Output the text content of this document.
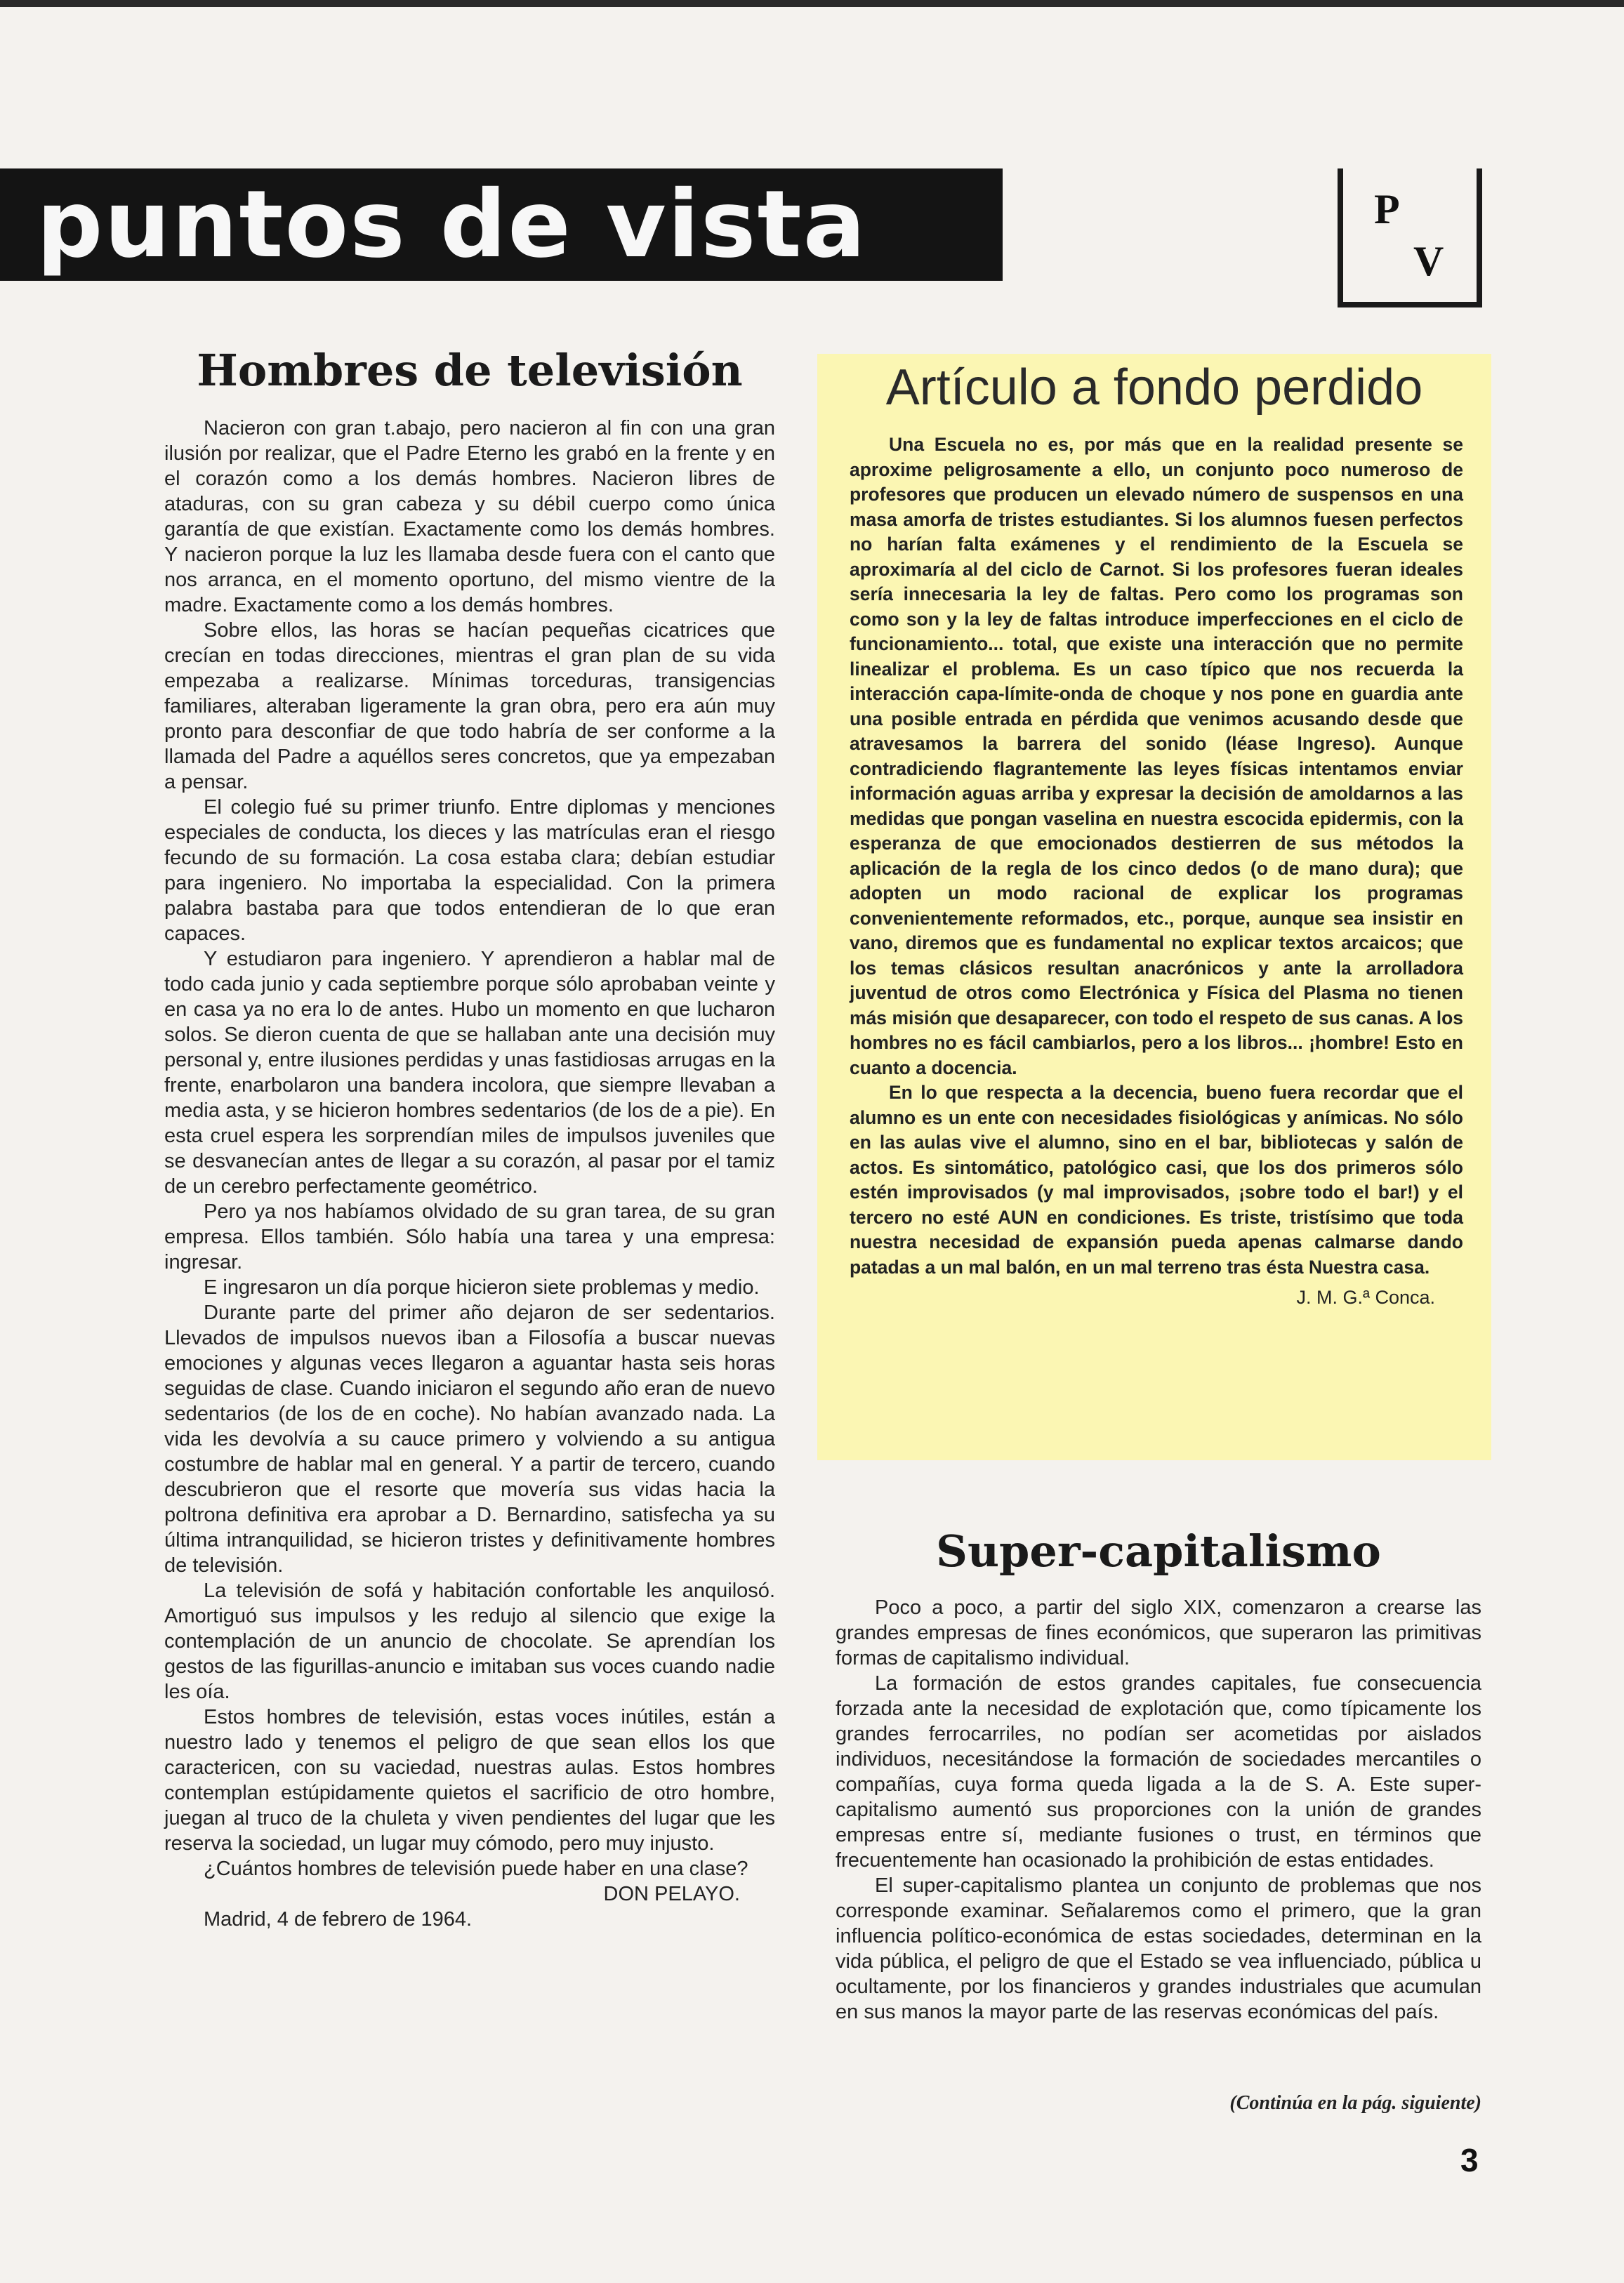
puntos de vista	P
V
Hombres de televisión

Nacieron con gran t.abajo, pero nacieron al fin con una gran ilusión por realizar, que el Padre Eterno les grabó en la frente y en el corazón como a los demás hombres. Nacieron libres de ataduras, con su gran cabeza y su débil cuerpo como única garantía de que existían. Exactamente como los demás hombres. Y nacieron porque la luz les llamaba desde fuera con el canto que nos arranca, en el momento oportuno, del mismo vientre de la madre. Exactamente como a los demás hombres.

Sobre ellos, las horas se hacían pequeñas cicatrices que crecían en todas direcciones, mientras el gran plan de su vida empezaba a realizarse. Mínimas torceduras, transigencias familiares, alteraban ligeramente la gran obra, pero era aún muy pronto para desconfiar de que todo habría de ser conforme a la llamada del Padre a aquéllos seres concretos, que ya empezaban a pensar.

El colegio fué su primer triunfo. Entre diplomas y menciones especiales de conducta, los dieces y las matrículas eran el riesgo fecundo de su formación. La cosa estaba clara; debían estudiar para ingeniero. No importaba la especialidad. Con la primera palabra bastaba para que todos entendieran de lo que eran capaces.

Y estudiaron para ingeniero. Y aprendieron a hablar mal de todo cada junio y cada septiembre porque sólo aprobaban veinte y en casa ya no era lo de antes. Hubo un momento en que lucharon solos. Se dieron cuenta de que se hallaban ante una decisión muy personal y, entre ilusiones perdidas y unas fastidiosas arrugas en la frente, enarbolaron una bandera incolora, que siempre llevaban a media asta, y se hicieron hombres sedentarios (de los de a pie). En esta cruel espera les sorprendían miles de impulsos juveniles que se desvanecían antes de llegar a su corazón, al pasar por el tamiz de un cerebro perfectamente geométrico.

Pero ya nos habíamos olvidado de su gran tarea, de su gran empresa. Ellos también. Sólo había una tarea y una empresa: ingresar.

E ingresaron un día porque hicieron siete problemas y medio.

Durante parte del primer año dejaron de ser sedentarios. Llevados de impulsos nuevos iban a Filosofía a buscar nuevas emociones y algunas veces llegaron a aguantar hasta seis horas seguidas de clase. Cuando iniciaron el segundo año eran de nuevo sedentarios (de los de en coche). No habían avanzado nada. La vida les devolvía a su cauce primero y volviendo a su antigua costumbre de hablar mal en general. Y a partir de tercero, cuando descubrieron que el resorte que movería sus vidas hacia la poltrona definitiva era aprobar a D. Bernardino, satisfecha ya su última intranquilidad, se hicieron tristes y definitivamente hombres de televisión.

La televisión de sofá y habitación confortable les anquilosó. Amortiguó sus impulsos y les redujo al silencio que exige la contemplación de un anuncio de chocolate. Se aprendían los gestos de las figurillas-anuncio e imitaban sus voces cuando nadie les oía.

Estos hombres de televisión, estas voces inútiles, están a nuestro lado y tenemos el peligro de que sean ellos los que caractericen, con su vaciedad, nuestras aulas. Estos hombres contemplan estúpidamente quietos el sacrificio de otro hombre, juegan al truco de la chuleta y viven pendientes del lugar que les reserva la sociedad, un lugar muy cómodo, pero muy injusto.

¿Cuántos hombres de televisión puede haber en una clase?

DON PELAYO.

Madrid, 4 de febrero de 1964.

Artículo a fondo perdido

Una Escuela no es, por más que en la realidad presente se aproxime peligrosamente a ello, un conjunto poco numeroso de profesores que producen un elevado número de suspensos en una masa amorfa de tristes estudiantes. Si los alumnos fuesen perfectos no harían falta exámenes y el rendimiento de la Escuela se aproximaría al del ciclo de Carnot. Si los profesores fueran ideales sería innecesaria la ley de faltas. Pero como los programas son como son y la ley de faltas introduce imperfecciones en el ciclo de funcionamiento... total, que existe una interacción que no permite linealizar el problema. Es un caso típico que nos recuerda la interacción capa-límite-onda de choque y nos pone en guardia ante una posible entrada en pérdida que venimos acusando desde que atravesamos la barrera del sonido (léase Ingreso). Aunque contradiciendo flagrantemente las leyes físicas intentamos enviar información aguas arriba y expresar la decisión de amoldarnos a las medidas que pongan vaselina en nuestra escocida epidermis, con la esperanza de que emocionados destierren de sus métodos la aplicación de la regla de los cinco dedos (o de mano dura); que adopten un modo racional de explicar los programas convenientemente reformados, etc., porque, aunque sea insistir en vano, diremos que es fundamental no explicar textos arcaicos; que los temas clásicos resultan anacrónicos y ante la arrolladora juventud de otros como Electrónica y Física del Plasma no tienen más misión que desaparecer, con todo el respeto de sus canas. A los hombres no es fácil cambiarlos, pero a los libros... ¡hombre! Esto en cuanto a docencia.

En lo que respecta a la decencia, bueno fuera recordar que el alumno es un ente con necesidades fisiológicas y anímicas. No sólo en las aulas vive el alumno, sino en el bar, bibliotecas y salón de actos. Es sintomático, patológico casi, que los dos primeros sólo estén improvisados (y mal improvisados, ¡sobre todo el bar!) y el tercero no esté AUN en condiciones. Es triste, tristísimo que toda nuestra necesidad de expansión pueda apenas calmarse dando patadas a un mal balón, en un mal terreno tras ésta Nuestra casa.

J. M. G.ª Conca.

Super-capitalismo

Poco a poco, a partir del siglo XIX, comenzaron a crearse las grandes empresas de fines económicos, que superaron las primitivas formas de capitalismo individual.

La formación de estos grandes capitales, fue consecuencia forzada ante la necesidad de explotación que, como típicamente los grandes ferrocarriles, no podían ser acometidas por aislados individuos, necesitándose la formación de sociedades mercantiles o compañías, cuya forma queda ligada a la de S. A. Este super-capitalismo aumentó sus proporciones con la unión de grandes empresas entre sí, mediante fusiones o trust, en términos que frecuentemente han ocasionado la prohibición de estas entidades.

El super-capitalismo plantea un conjunto de problemas que nos corresponde examinar. Señalaremos como el primero, que la gran influencia político-económica de estas sociedades, determinan en la vida pública, el peligro de que el Estado se vea influenciado, pública u ocultamente, por los financieros y grandes industriales que acumulan en sus manos la mayor parte de las reservas económicas del país.

(Continúa en la pág. siguiente)
3
